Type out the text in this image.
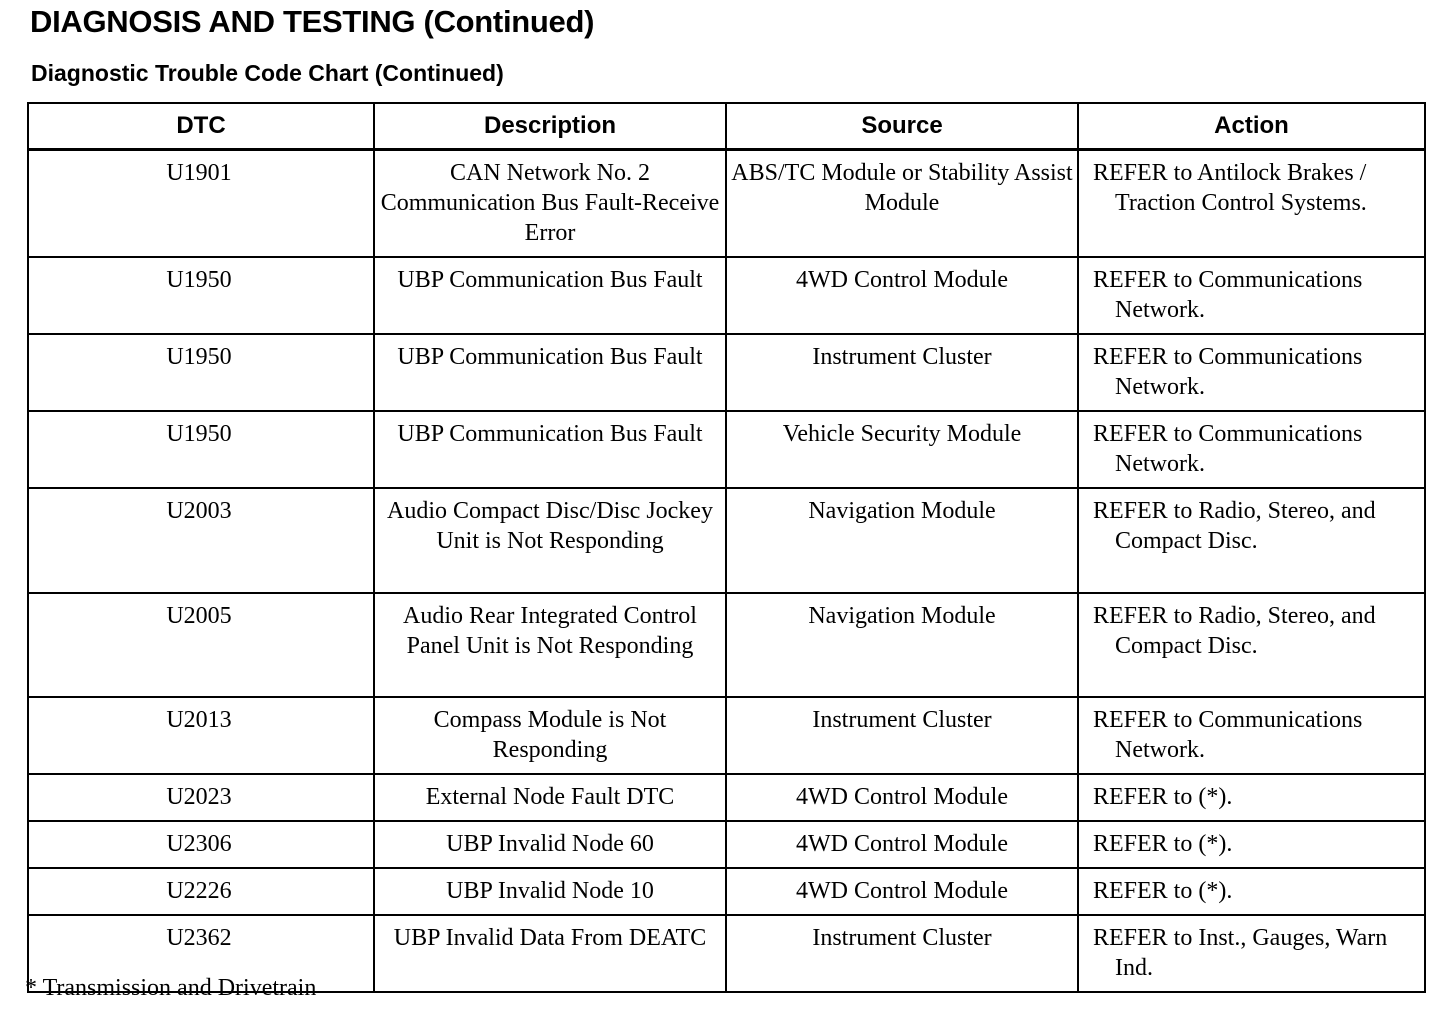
DIAGNOSIS AND TESTING (Continued)
Diagnostic Trouble Code Chart (Continued)
DTC	Description	Source	Action
U1901	CAN Network No. 2 Communication Bus Fault-Receive Error	ABS/TC Module or Stability Assist Module	REFER to Antilock Brakes / Traction Control Systems.

U1950	UBP Communication Bus Fault	4WD Control Module	REFER to Communications Network.

U1950	UBP Communication Bus Fault	Instrument Cluster	REFER to Communications Network.

U1950	UBP Communication Bus Fault	Vehicle Security Module	REFER to Communications Network.

U2003	Audio Compact Disc/Disc Jockey Unit is Not Responding	Navigation Module	REFER to Radio, Stereo, and Compact Disc.

U2005	Audio Rear Integrated Control Panel Unit is Not Responding	Navigation Module	REFER to Radio, Stereo, and Compact Disc.

U2013	Compass Module is Not Responding	Instrument Cluster	REFER to Communications Network.

U2023	External Node Fault DTC	4WD Control Module	REFER to (*).

U2306	UBP Invalid Node 60	4WD Control Module	REFER to (*).

U2226	UBP Invalid Node 10	4WD Control Module	REFER to (*).

U2362	UBP Invalid Data From DEATC	Instrument Cluster	REFER to Inst., Gauges, Warn Ind.
* Transmission and Drivetrain
